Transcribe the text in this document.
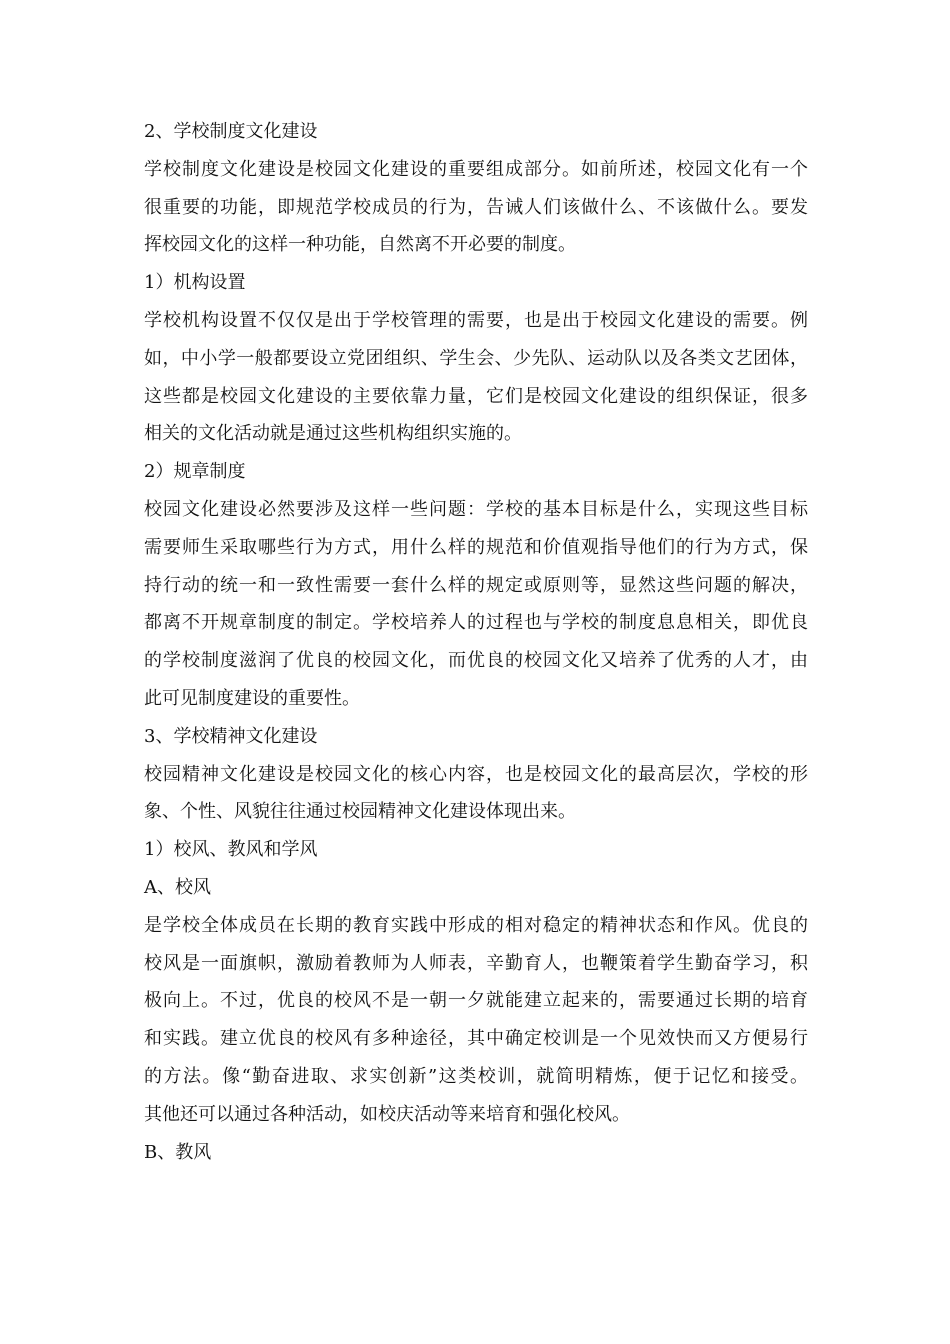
2、学校制度文化建设

学校制度文化建设是校园文化建设的重要组成部分。如前所述，校园文化有一个

很重要的功能，即规范学校成员的行为，告诫人们该做什么、不该做什么。要发

挥校园文化的这样一种功能，自然离不开必要的制度。

1）机构设置

学校机构设置不仅仅是出于学校管理的需要，也是出于校园文化建设的需要。例

如，中小学一般都要设立党团组织、学生会、少先队、运动队以及各类文艺团体，

这些都是校园文化建设的主要依靠力量，它们是校园文化建设的组织保证，很多

相关的文化活动就是通过这些机构组织实施的。

2）规章制度

校园文化建设必然要涉及这样一些问题：学校的基本目标是什么，实现这些目标

需要师生采取哪些行为方式，用什么样的规范和价值观指导他们的行为方式，保

持行动的统一和一致性需要一套什么样的规定或原则等，显然这些问题的解决，

都离不开规章制度的制定。学校培养人的过程也与学校的制度息息相关，即优良

的学校制度滋润了优良的校园文化，而优良的校园文化又培养了优秀的人才，由

此可见制度建设的重要性。

3、学校精神文化建设

校园精神文化建设是校园文化的核心内容，也是校园文化的最高层次，学校的形

象、个性、风貌往往通过校园精神文化建设体现出来。

1）校风、教风和学风

A、校风

是学校全体成员在长期的教育实践中形成的相对稳定的精神状态和作风。优良的

校风是一面旗帜，激励着教师为人师表，辛勤育人，也鞭策着学生勤奋学习，积

极向上。不过，优良的校风不是一朝一夕就能建立起来的，需要通过长期的培育

和实践。建立优良的校风有多种途径，其中确定校训是一个见效快而又方便易行

的方法。像“勤奋进取、求实创新”这类校训，就简明精炼，便于记忆和接受。

其他还可以通过各种活动，如校庆活动等来培育和强化校风。

B、教风
